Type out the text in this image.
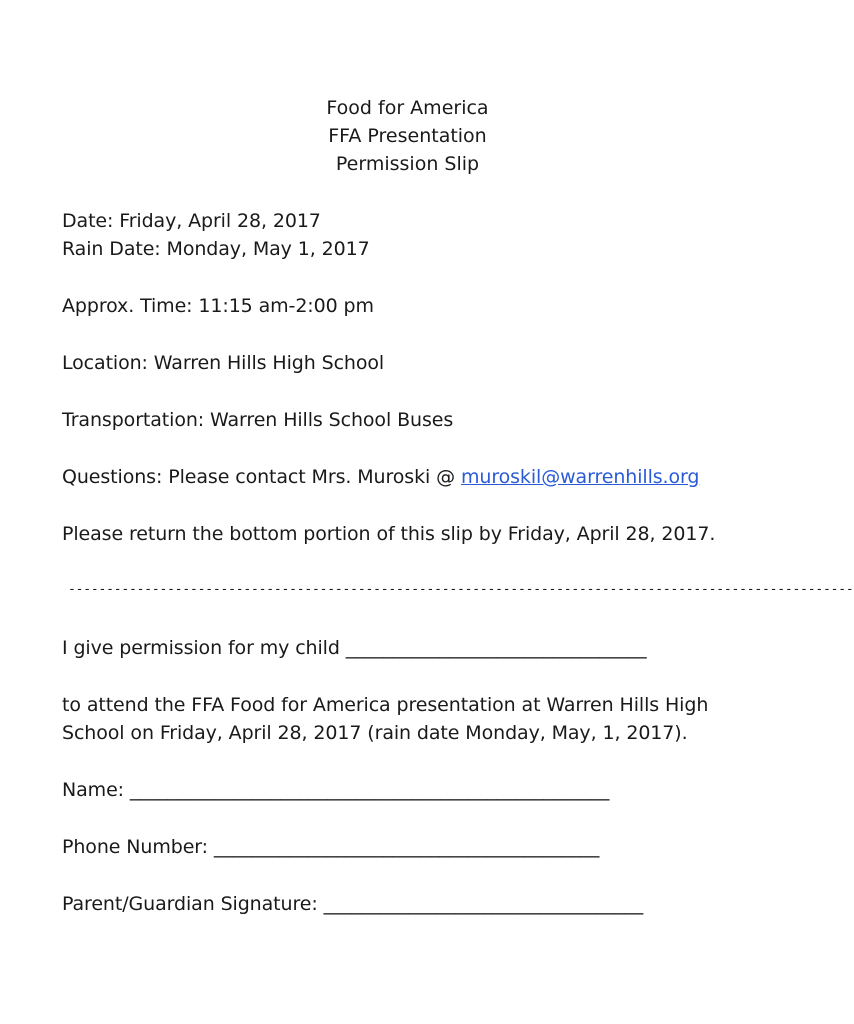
Food for America
FFA Presentation
Permission Slip
Date: Friday, April 28, 2017
Rain Date: Monday, May 1, 2017
Approx. Time: 11:15 am-2:00 pm
Location: Warren Hills High School
Transportation: Warren Hills School Buses
Questions: Please contact Mrs. Muroski @ muroskil@warrenhills.org
Please return the bottom portion of this slip by Friday, April 28, 2017.
-------------------------------------------------------------------------------------------------------
I give permission for my child ________________________________
to attend the FFA Food for America presentation at Warren Hills High
School on Friday, April 28, 2017 (rain date Monday, May, 1, 2017).
Name: ___________________________________________________
Phone Number: _________________________________________
Parent/Guardian Signature: __________________________________
